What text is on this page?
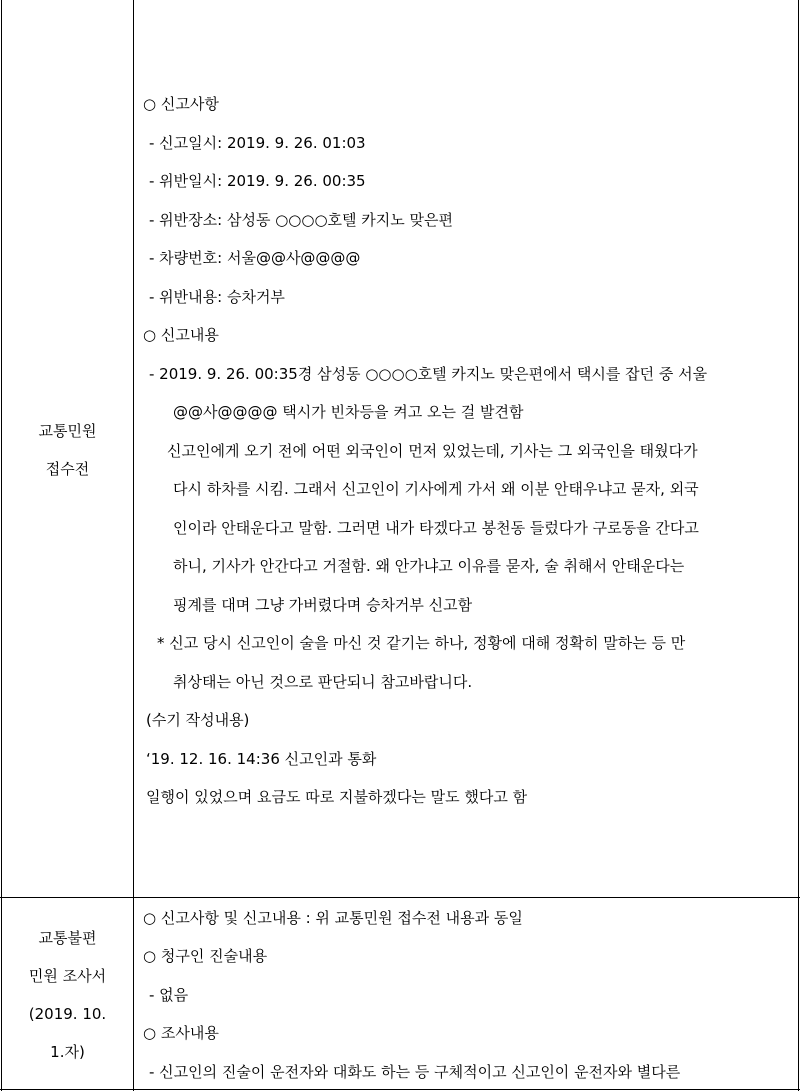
교통민원
접수전
○ 신고사항
- 신고일시: 2019. 9. 26. 01:03
- 위반일시: 2019. 9. 26. 00:35
- 위반장소: 삼성동 ○○○○호텔 카지노 맞은편
- 차량번호: 서울@@사@@@@
- 위반내용: 승차거부
○ 신고내용
- 2019. 9. 26. 00:35경 삼성동 ○○○○호텔 카지노 맞은편에서 택시를 잡던 중 서울
@@사@@@@ 택시가 빈차등을 켜고 오는 걸 발견함
신고인에게 오기 전에 어떤 외국인이 먼저 있었는데, 기사는 그 외국인을 태웠다가
다시 하차를 시킴. 그래서 신고인이 기사에게 가서 왜 이분 안태우냐고 묻자, 외국
인이라 안태운다고 말함. 그러면 내가 타겠다고 봉천동 들렀다가 구로동을 간다고
하니, 기사가 안간다고 거절함. 왜 안가냐고 이유를 묻자, 술 취해서 안태운다는
핑계를 대며 그냥 가버렸다며 승차거부 신고함
* 신고 당시 신고인이 술을 마신 것 같기는 하나, 정황에 대해 정확히 말하는 등 만
취상태는 아닌 것으로 판단되니 참고바랍니다.
(수기 작성내용)
‘19. 12. 16. 14:36 신고인과 통화
일행이 있었으며 요금도 따로 지불하겠다는 말도 했다고 함
교통불편
민원 조사서
(2019. 10.
1.자)
○ 신고사항 및 신고내용 : 위 교통민원 접수전 내용과 동일
○ 청구인 진술내용
- 없음
○ 조사내용
- 신고인의 진술이 운전자와 대화도 하는 등 구체적이고 신고인이 운전자와 별다른
